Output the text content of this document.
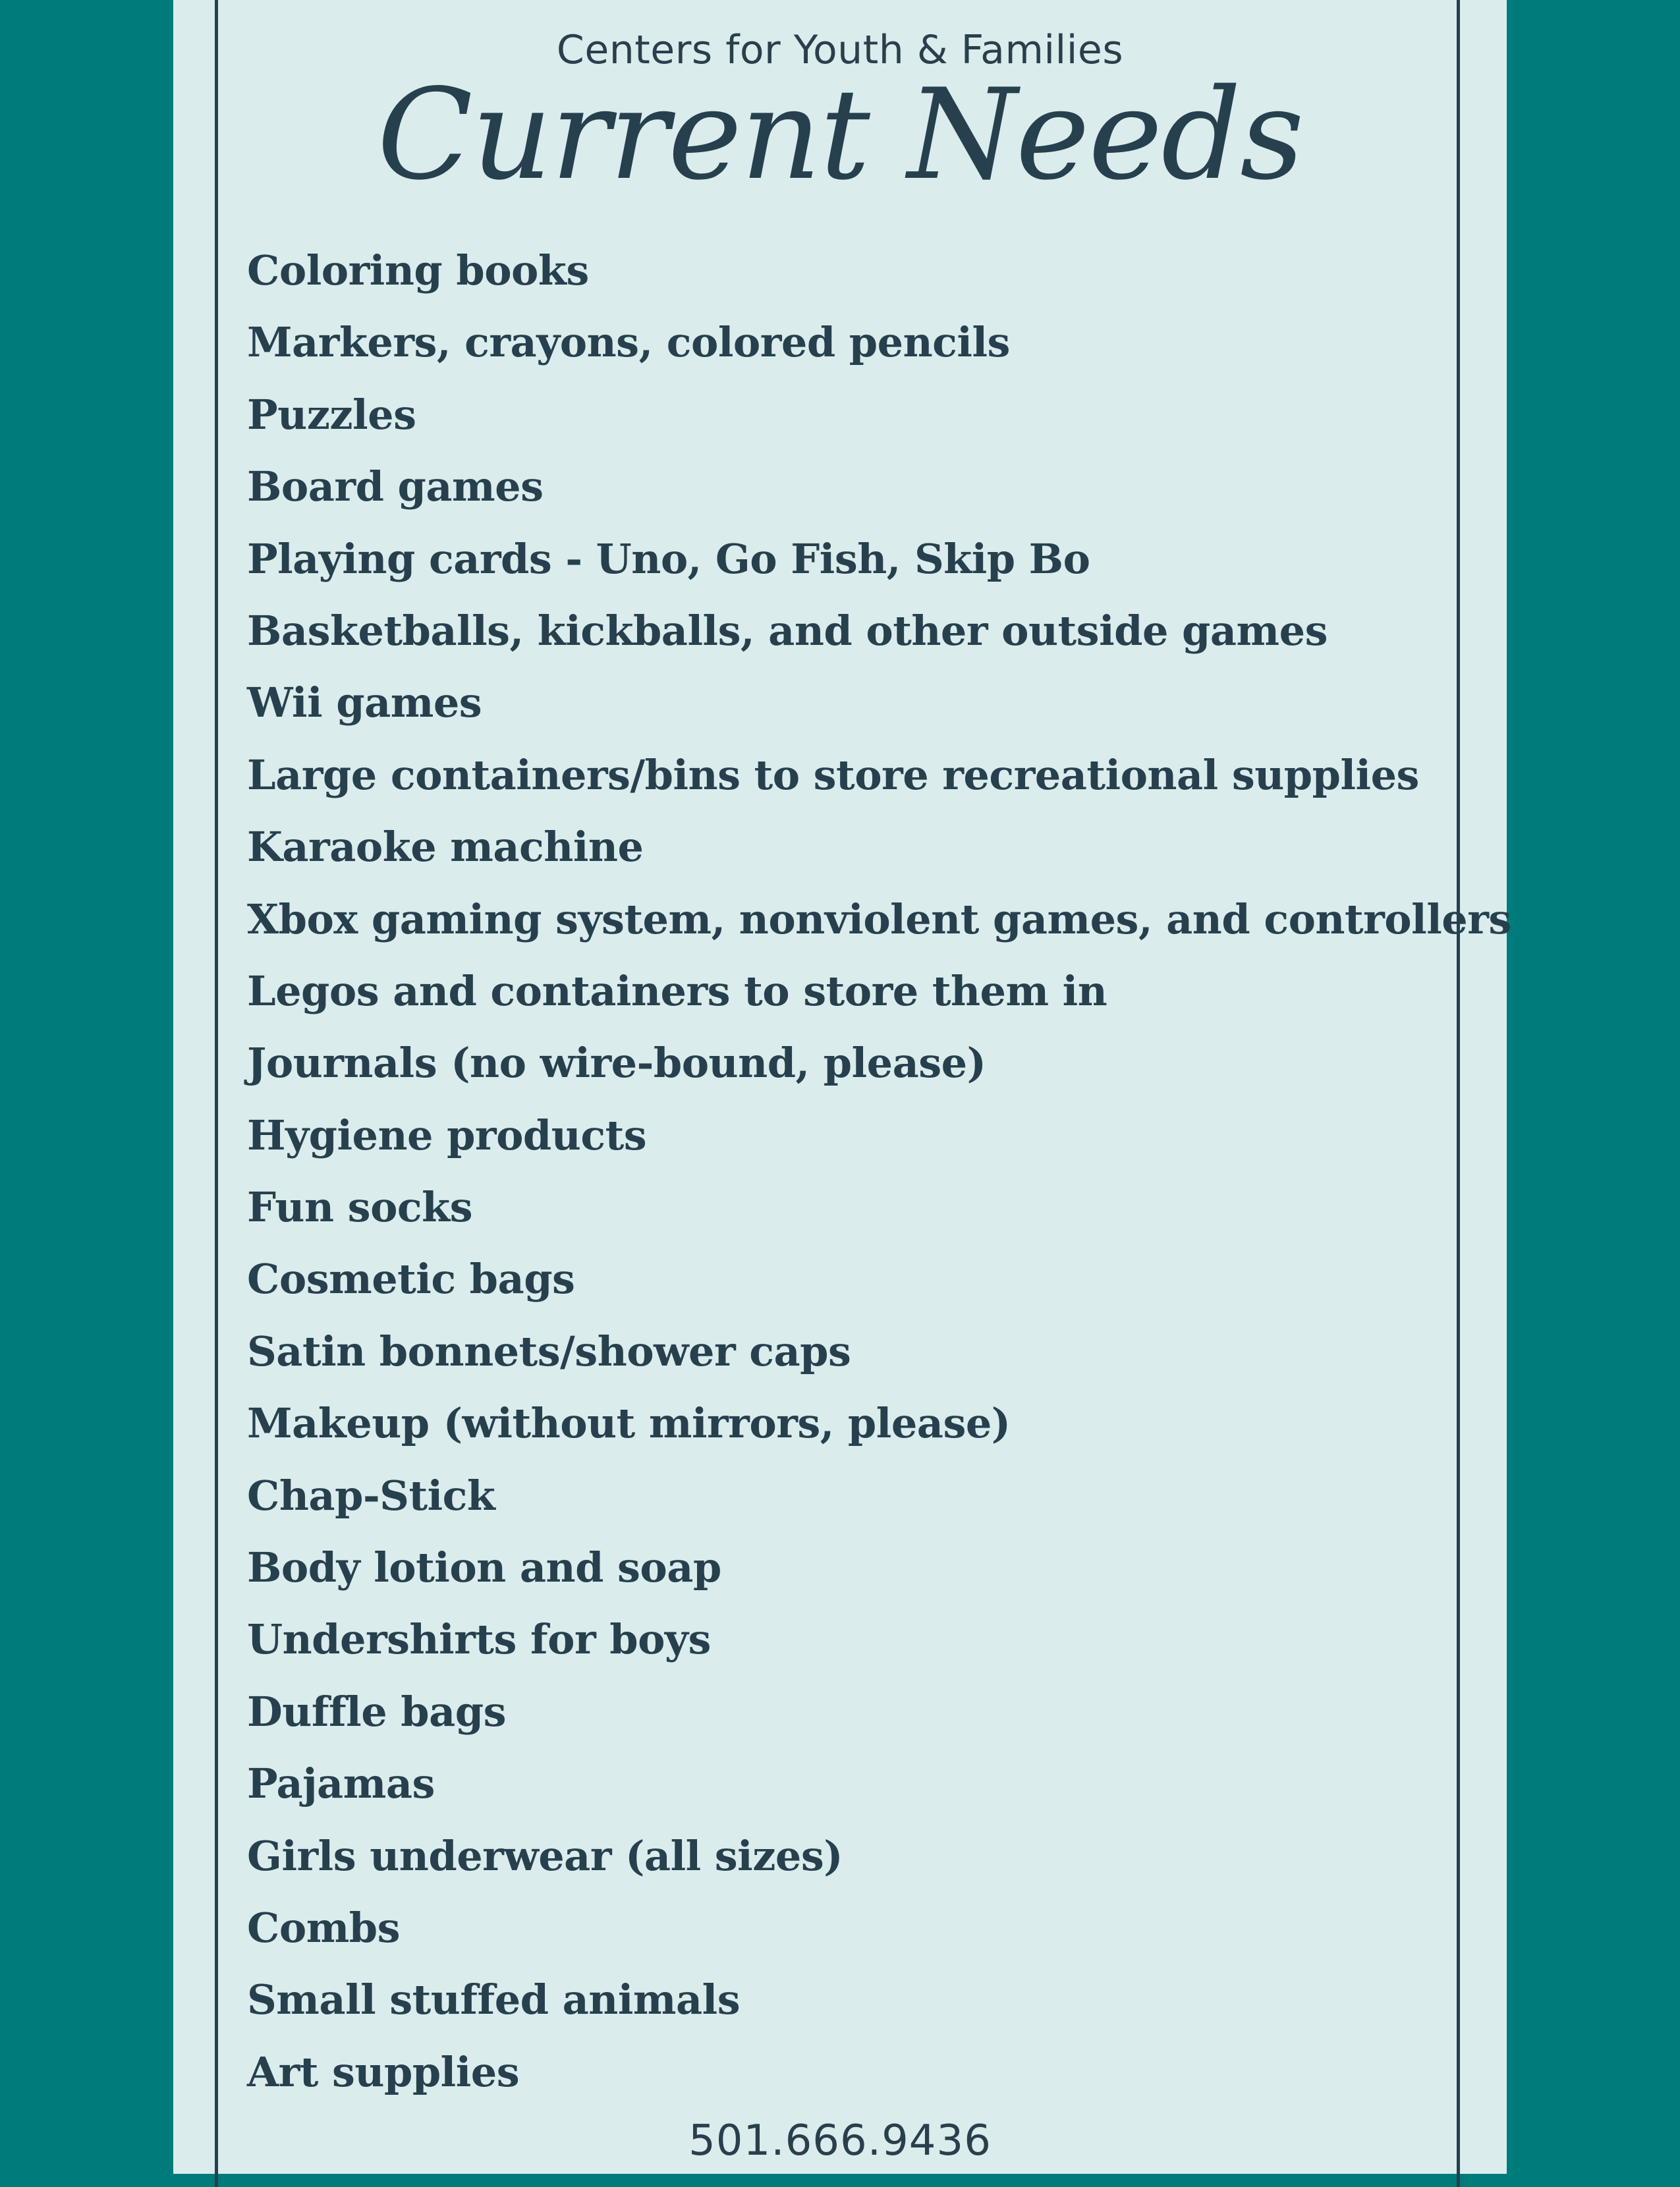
Centers for Youth & Families
Current Needs
Coloring books
Markers, crayons, colored pencils
Puzzles
Board games
Playing cards - Uno, Go Fish, Skip Bo
Basketballs, kickballs, and other outside games
Wii games
Large containers/bins to store recreational supplies
Karaoke machine
Xbox gaming system, nonviolent games, and controllers
Legos and containers to store them in
Journals (no wire-bound, please)
Hygiene products
Fun socks
Cosmetic bags
Satin bonnets/shower caps
Makeup (without mirrors, please)
Chap-Stick
Body lotion and soap
Undershirts for boys
Duffle bags
Pajamas
Girls underwear (all sizes)
Combs
Small stuffed animals
Art supplies
501.666.9436
